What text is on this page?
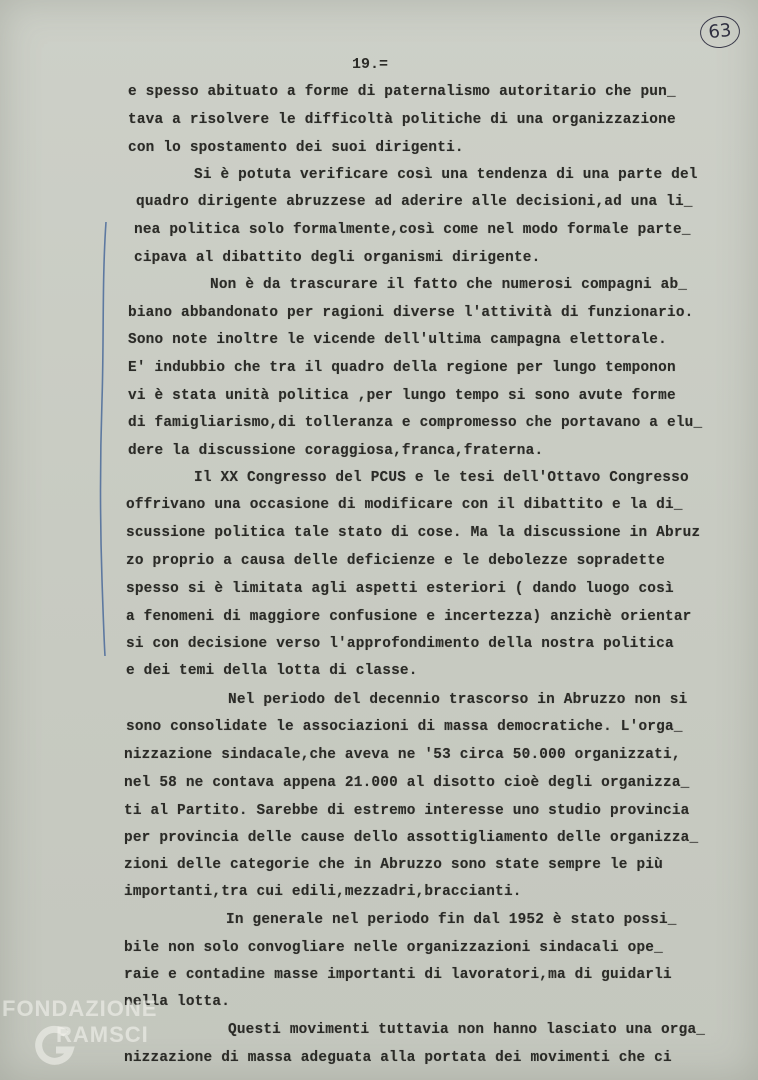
19.=
63
e spesso abituato a forme di paternalismo autoritario che pun_
tava a risolvere le difficoltà politiche di una organizzazione
con lo spostamento dei suoi dirigenti.
Si è potuta verificare così una tendenza di una parte del
quadro dirigente abruzzese ad aderire alle decisioni,ad una li_
nea politica solo formalmente,così come nel modo formale parte_
cipava al dibattito degli organismi dirigente.
Non è da trascurare il fatto che numerosi compagni ab_
biano abbandonato per ragioni diverse l'attività di funzionario.
Sono note inoltre le vicende dell'ultima campagna elettorale.
E' indubbio che tra il quadro della regione per lungo temponon
vi è stata unità politica ,per lungo tempo si sono avute forme
di famigliarismo,di tolleranza e compromesso che portavano a elu_
dere la discussione coraggiosa,franca,fraterna.
Il XX Congresso del PCUS e le tesi dell'Ottavo Congresso
offrivano una occasione di modificare con il dibattito e la di_
scussione politica tale stato di cose. Ma la discussione in Abruz
zo proprio a causa delle deficienze e le debolezze sopradette
spesso si è limitata agli aspetti esteriori ( dando luogo così
a fenomeni di maggiore confusione e incertezza) anzichè orientar
si con decisione verso l'approfondimento della nostra politica
e dei temi della lotta di classe.
Nel periodo del decennio trascorso in Abruzzo non si
sono consolidate le associazioni di massa democratiche. L'orga_
nizzazione sindacale,che aveva ne '53 circa 50.000 organizzati,
nel 58 ne contava appena 21.000 al disotto cioè degli organizza_
ti al Partito. Sarebbe di estremo interesse uno studio provincia
per provincia delle cause dello assottigliamento delle organizza_
zioni delle categorie che in Abruzzo sono state sempre le più
importanti,tra cui edili,mezzadri,braccianti.
In generale nel periodo fin dal 1952 è stato possi_
bile non solo convogliare nelle organizzazioni sindacali ope_
raie e contadine masse importanti di lavoratori,ma di guidarli
nella lotta.
Questi movimenti tuttavia non hanno lasciato una orga_
nizzazione di massa adeguata alla portata dei movimenti che ci
FONDAZIONE
RAMSCI
